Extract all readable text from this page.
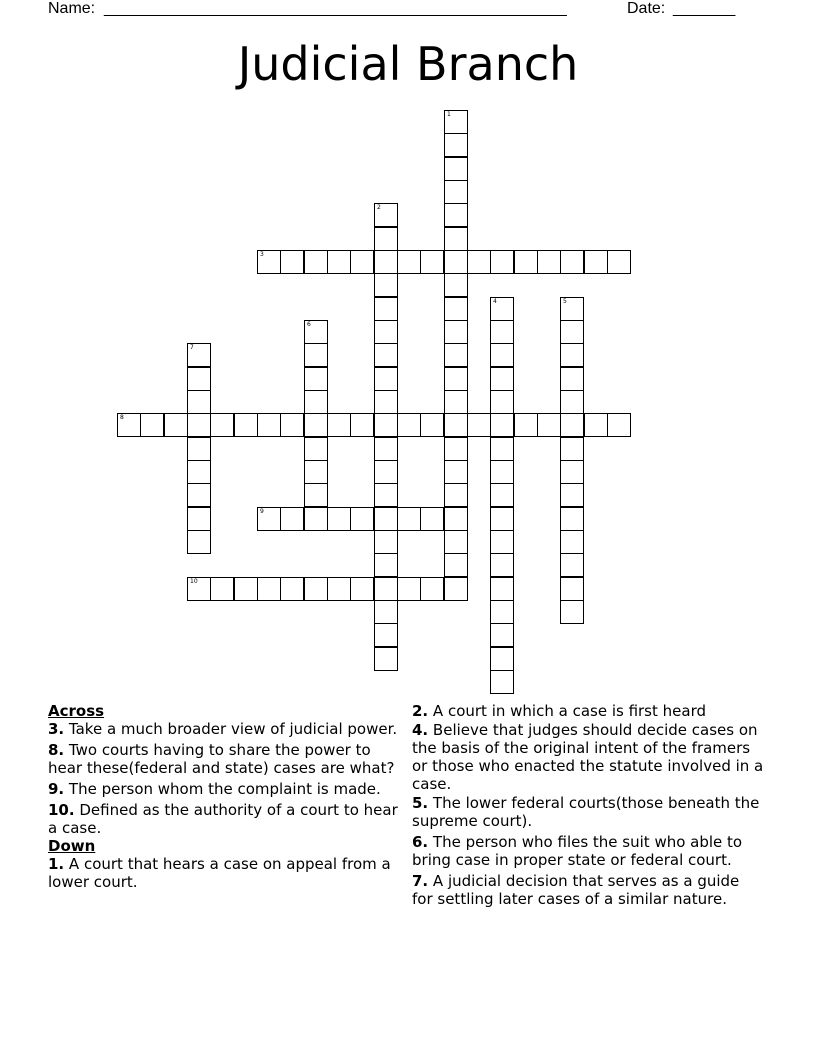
Name: ____________________________________________________	Date: _______
Judicial Branch
1
2
3
4	5
6
7
8
9
10

Across

3. Take a much broader view of judicial power.

8. Two courts having to share the power to hear these(federal and state) cases are what?

9. The person whom the complaint is made.

10. Defined as the authority of a court to hear a case.

Down

1. A court that hears a case on appeal from a lower court.

2. A court in which a case is first heard

4. Believe that judges should decide cases on the basis of the original intent of the framers or those who enacted the statute involved in a case.

5. The lower federal courts(those beneath the supreme court).

6. The person who files the suit who able to bring case in proper state or federal court.

7. A judicial decision that serves as a guide for settling later cases of a similar nature.
